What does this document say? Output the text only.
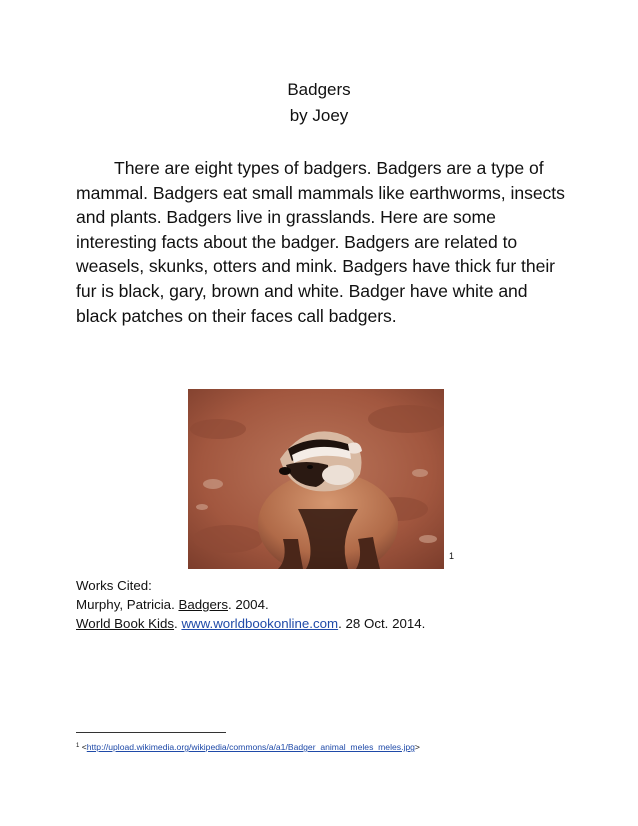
Badgers
by Joey

There are eight types of badgers. Badgers are a type of mammal. Badgers eat small mammals like earthworms, insects and plants. Badgers live in grasslands. Here are some interesting facts about the badger. Badgers are related to weasels, skunks, otters and mink. Badgers have thick fur their fur is black, gary, brown and white. Badger have white and black patches on their faces call badgers.

1
Works Cited:
Murphy, Patricia. Badgers. 2004.
World Book Kids. www.worldbookonline.com. 28 Oct. 2014.
$^1$ <http://upload.wikimedia.org/wikipedia/commons/a/a1/Badger_animal_meles_meles.jpg>
